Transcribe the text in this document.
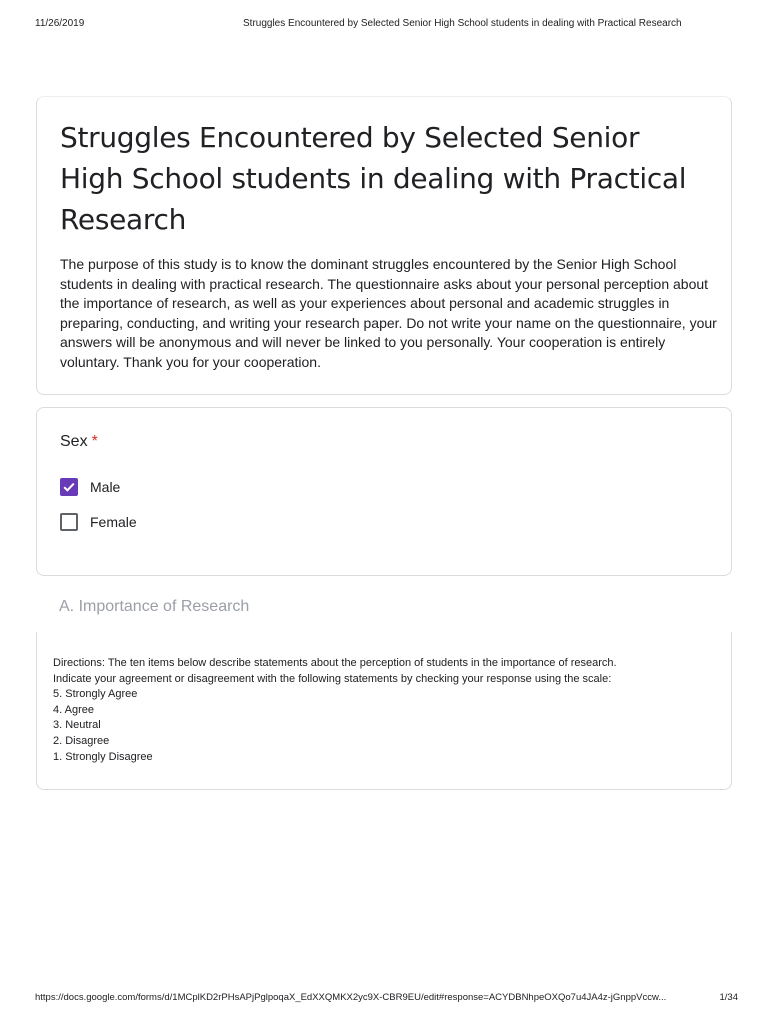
11/26/2019	Struggles Encountered by Selected Senior High School students in dealing with Practical Research
Struggles Encountered by Selected Senior High School students in dealing with Practical Research

The purpose of this study is to know the dominant struggles encountered by the Senior High School students in dealing with practical research. The questionnaire asks about your personal perception about the importance of research, as well as your experiences about personal and academic struggles in preparing, conducting, and writing your research paper. Do not write your name on the questionnaire, your answers will be anonymous and will never be linked to you personally. Your cooperation is entirely voluntary. Thank you for your cooperation.

Sex *
Male
Female
A. Importance of Research
Directions: The ten items below describe statements about the perception of students in the importance of research.
Indicate your agreement or disagreement with the following statements by checking your response using the scale:
5. Strongly Agree
4. Agree
3. Neutral
2. Disagree
1. Strongly Disagree
https://docs.google.com/forms/d/1MCplKD2rPHsAPjPglpoqaX_EdXXQMKX2yc9X-CBR9EU/edit#response=ACYDBNhpeOXQo7u4JA4z-jGnppVccw...	1/34
